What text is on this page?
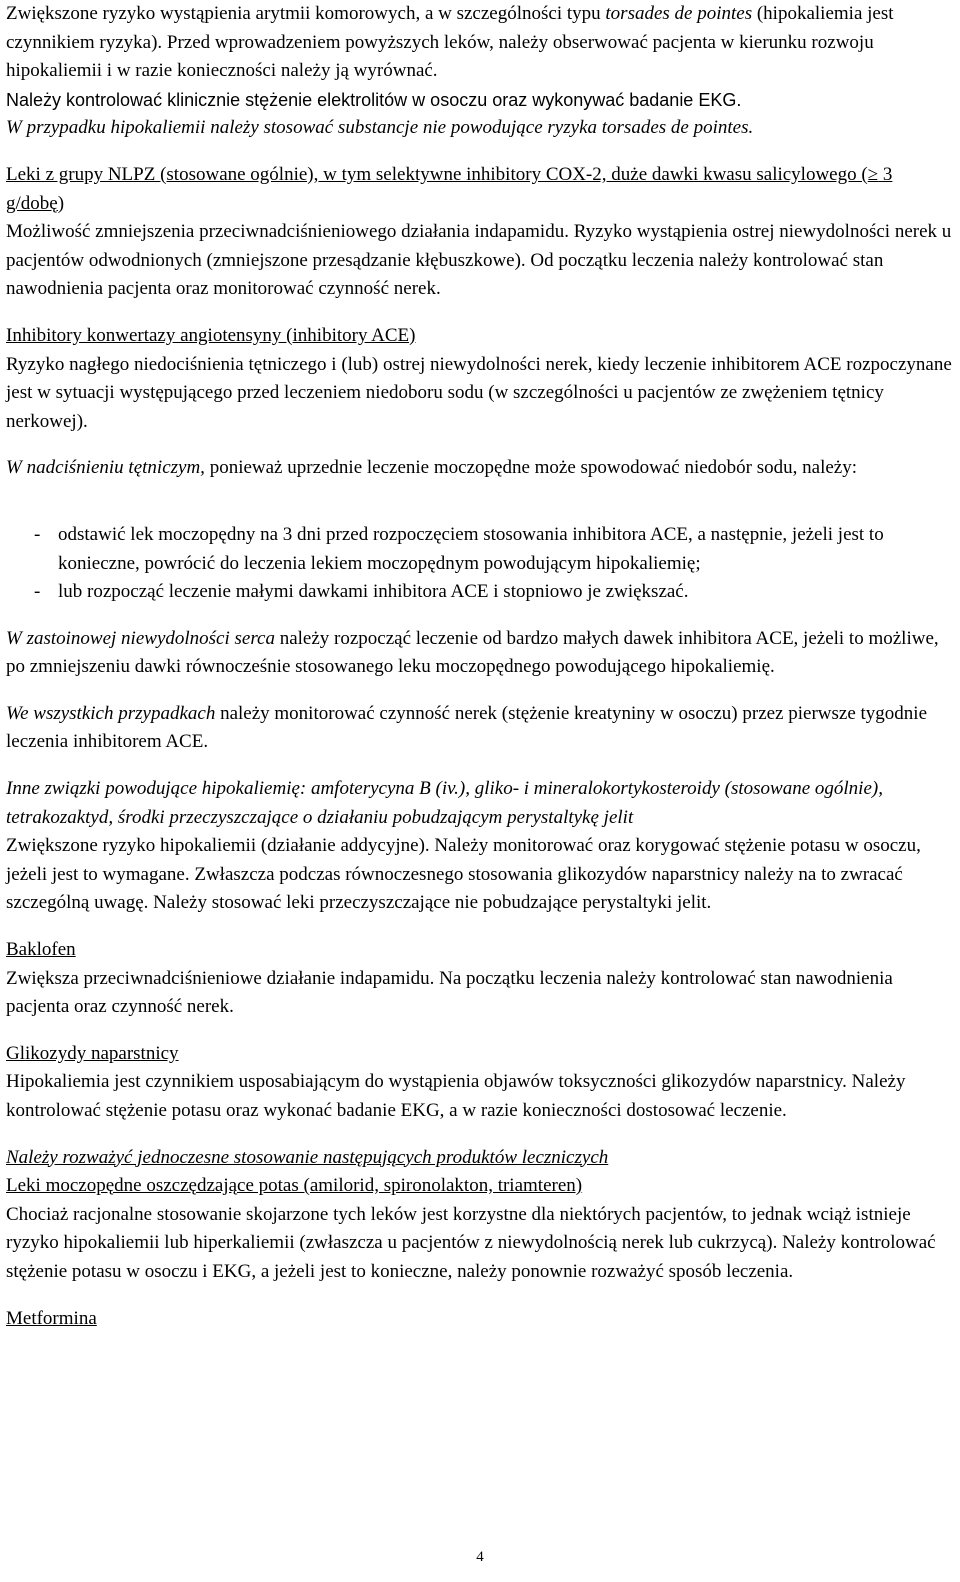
Zwiększone ryzyko wystąpienia arytmii komorowych, a w szczególności typu torsades de pointes (hipokaliemia jest czynnikiem ryzyka). Przed wprowadzeniem powyższych leków, należy obserwować pacjenta w kierunku rozwoju hipokaliemii i w razie konieczności należy ją wyrównać.

Należy kontrolować klinicznie stężenie elektrolitów w osoczu oraz wykonywać badanie EKG.

W przypadku hipokaliemii należy stosować substancje nie powodujące ryzyka torsades de pointes.

Leki z grupy NLPZ (stosowane ogólnie), w tym selektywne inhibitory COX-2, duże dawki kwasu salicylowego (≥ 3 g/dobę)

Możliwość zmniejszenia przeciwnadciśnieniowego działania indapamidu. Ryzyko wystąpienia ostrej niewydolności nerek u pacjentów odwodnionych (zmniejszone przesądzanie kłębuszkowe). Od początku leczenia należy kontrolować stan nawodnienia pacjenta oraz monitorować czynność nerek.

Inhibitory konwertazy angiotensyny (inhibitory ACE)

Ryzyko nagłego niedociśnienia tętniczego i (lub) ostrej niewydolności nerek, kiedy leczenie inhibitorem ACE rozpoczynane jest w sytuacji występującego przed leczeniem niedoboru sodu (w szczególności u pacjentów ze zwężeniem tętnicy nerkowej).

W nadciśnieniu tętniczym, ponieważ uprzednie leczenie moczopędne może spowodować niedobór sodu, należy:

- odstawić lek moczopędny na 3 dni przed rozpoczęciem stosowania inhibitora ACE, a następnie, jeżeli jest to konieczne, powrócić do leczenia lekiem moczopędnym powodującym hipokaliemię;
- lub rozpocząć leczenie małymi dawkami inhibitora ACE i stopniowo je zwiększać.

W zastoinowej niewydolności serca należy rozpocząć leczenie od bardzo małych dawek inhibitora ACE, jeżeli to możliwe, po zmniejszeniu dawki równocześnie stosowanego leku moczopędnego powodującego hipokaliemię.

We wszystkich przypadkach należy monitorować czynność nerek (stężenie kreatyniny w osoczu) przez pierwsze tygodnie leczenia inhibitorem ACE.

Inne związki powodujące hipokaliemię: amfoterycyna B (iv.), gliko- i mineralokortykosteroidy (stosowane ogólnie), tetrakozaktyd, środki przeczyszczające o działaniu pobudzającym perystaltykę jelit

Zwiększone ryzyko hipokaliemii (działanie addycyjne). Należy monitorować oraz korygować stężenie potasu w osoczu, jeżeli jest to wymagane. Zwłaszcza podczas równoczesnego stosowania glikozydów naparstnicy należy na to zwracać szczególną uwagę. Należy stosować leki przeczyszczające nie pobudzające perystaltyki jelit.

Baklofen

Zwiększa przeciwnadciśnieniowe działanie indapamidu. Na początku leczenia należy kontrolować stan nawodnienia pacjenta oraz czynność nerek.

Glikozydy naparstnicy

Hipokaliemia jest czynnikiem usposabiającym do wystąpienia objawów toksyczności glikozydów naparstnicy. Należy kontrolować stężenie potasu oraz wykonać badanie EKG, a w razie konieczności dostosować leczenie.

Należy rozważyć jednoczesne stosowanie następujących produktów leczniczych

Leki moczopędne oszczędzające potas (amilorid, spironolakton, triamteren)

Chociaż racjonalne stosowanie skojarzone tych leków jest korzystne dla niektórych pacjentów, to jednak wciąż istnieje ryzyko hipokaliemii lub hiperkaliemii (zwłaszcza u pacjentów z niewydolnością nerek lub cukrzycą). Należy kontrolować stężenie potasu w osoczu i EKG, a jeżeli jest to konieczne, należy ponownie rozważyć sposób leczenia.

Metformina

4
